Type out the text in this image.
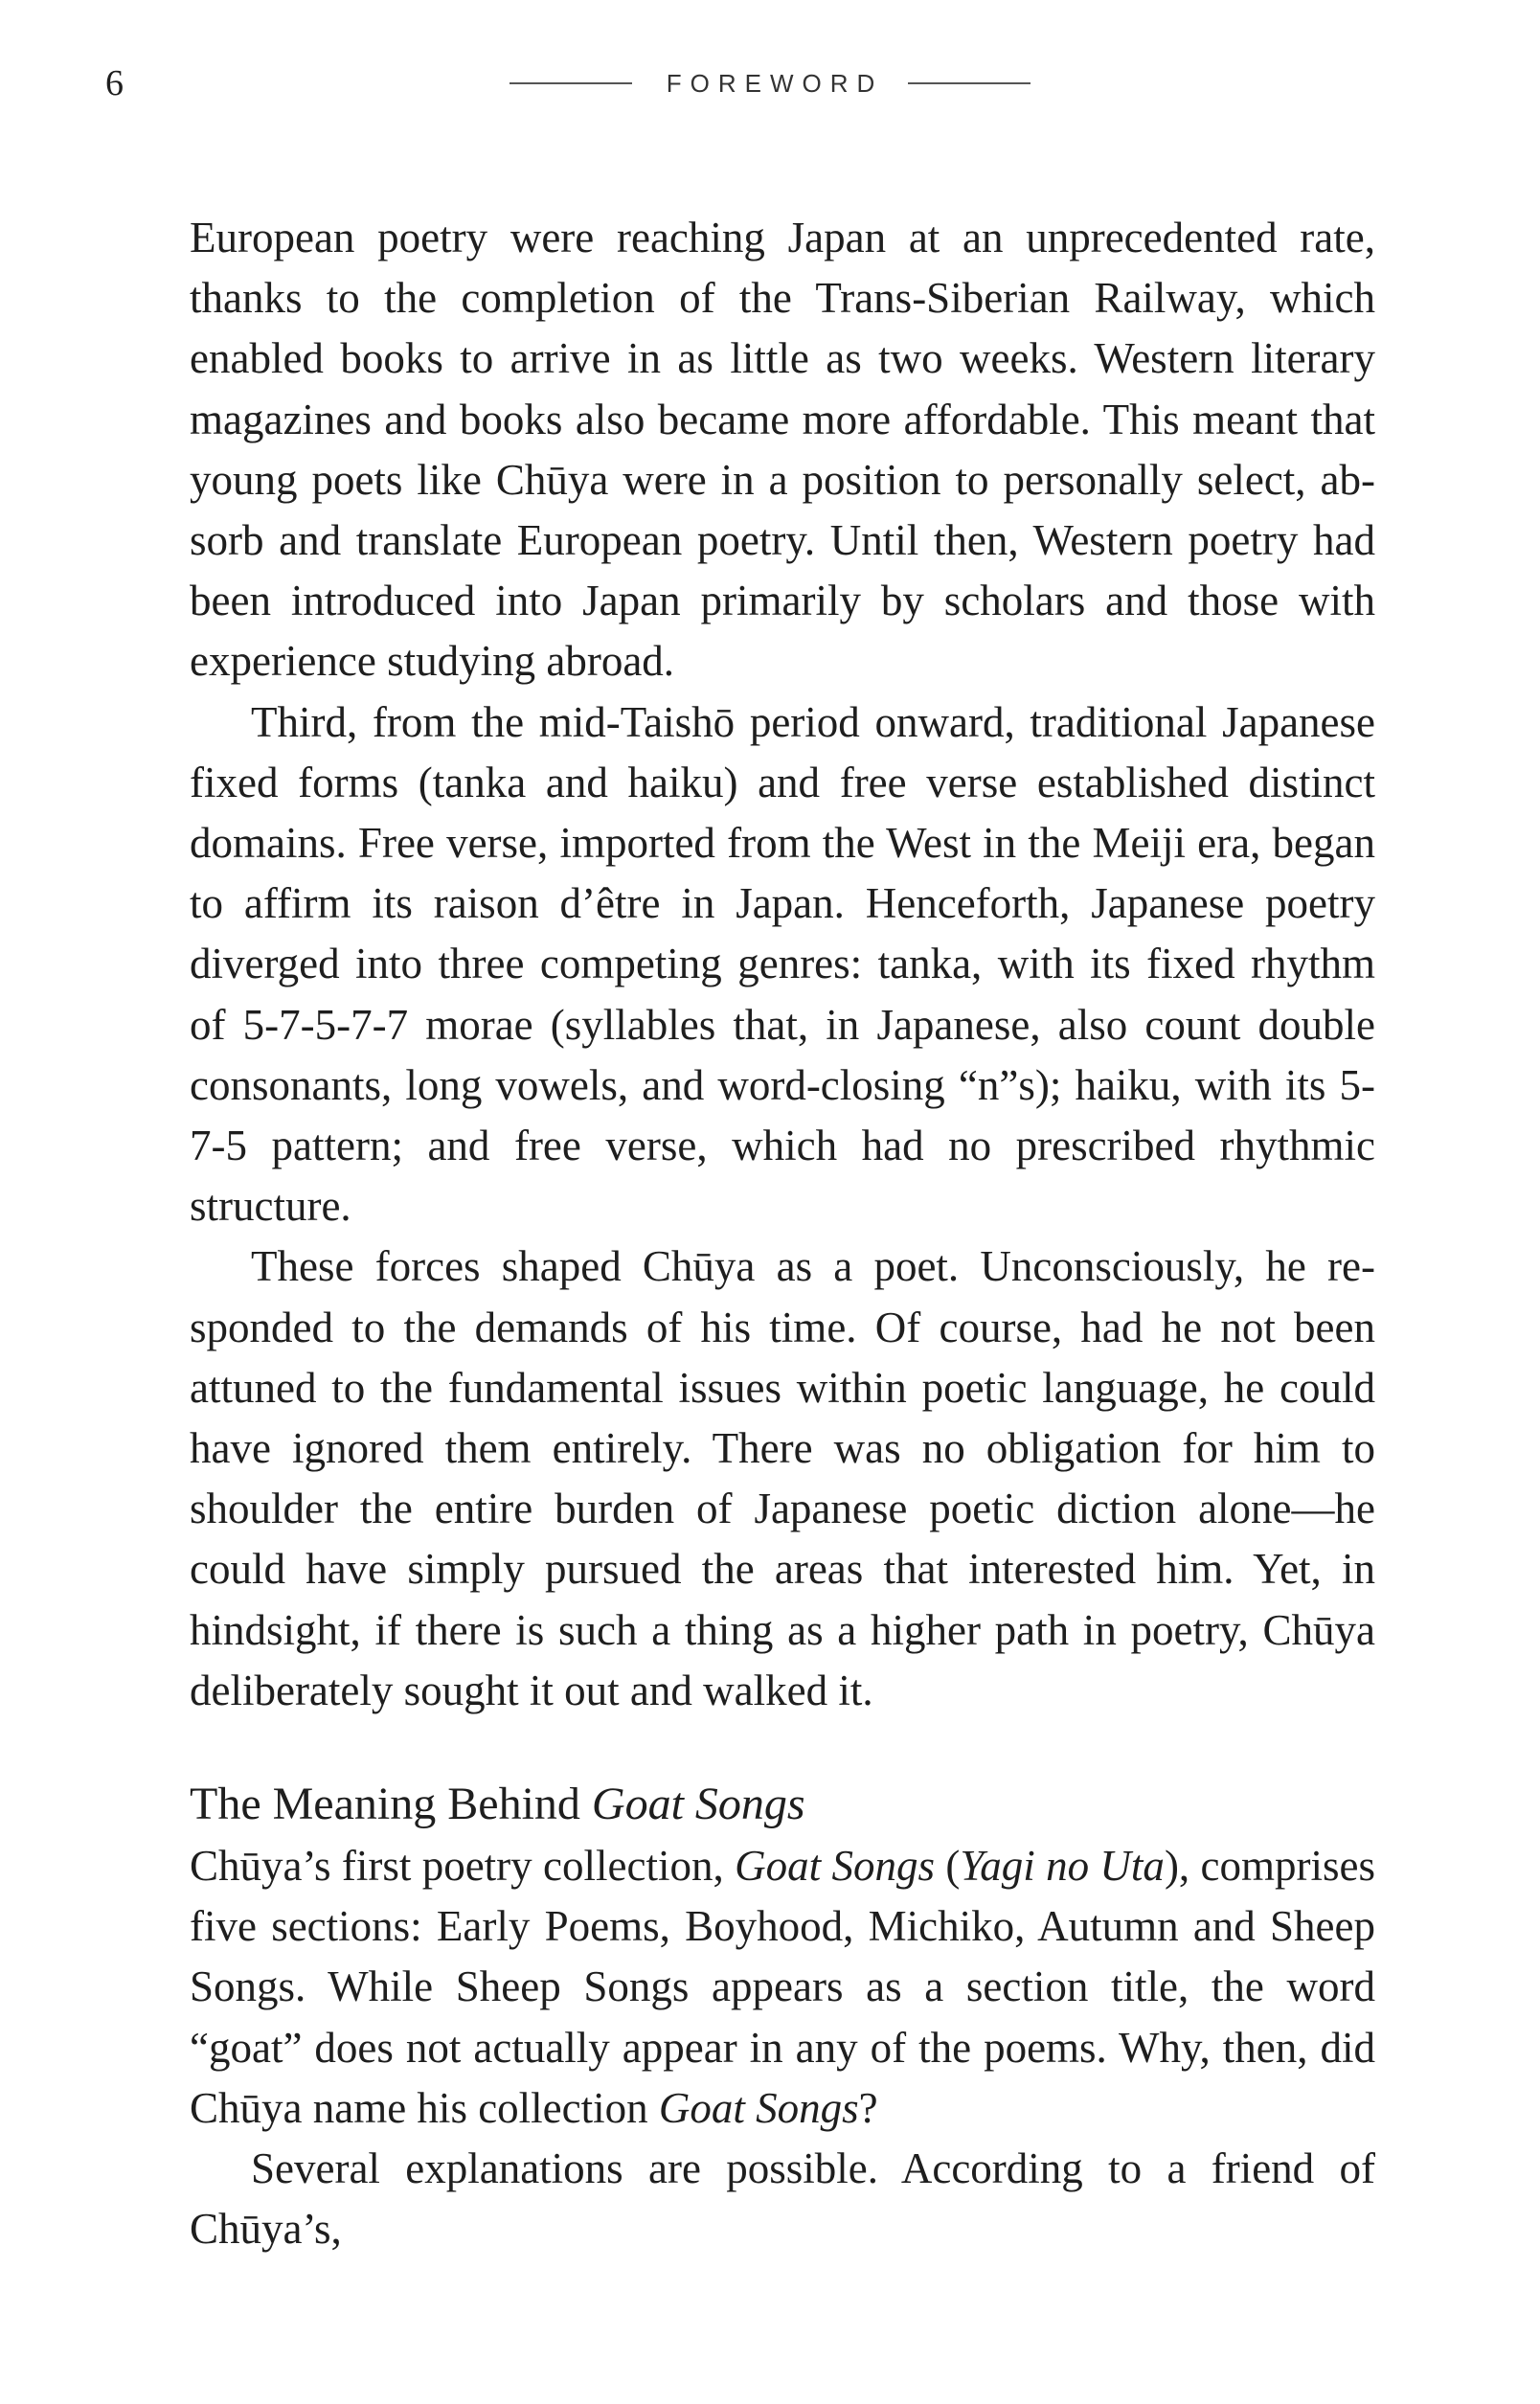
6	FOREWORD

European poetry were reaching Japan at an unprecedented rate, thanks to the completion of the Trans-Siberian Railway, which enabled books to arrive in as little as two weeks. Western literary magazines and books also became more affordable. This meant that young poets like Chūya were in a position to personally select, absorb and translate European poetry. Until then, Western poetry had been introduced into Japan primarily by scholars and those with experience studying abroad.

Third, from the mid-Taishō period onward, traditional Japanese fixed forms (tanka and haiku) and free verse established distinct domains. Free verse, imported from the West in the Meiji era, began to affirm its raison d’être in Japan. Henceforth, Japanese poetry diverged into three competing genres: tanka, with its fixed rhythm of 5-7-5-7-7 morae (syllables that, in Japanese, also count double consonants, long vowels, and word-closing “n”s); haiku, with its 5-7-5 pattern; and free verse, which had no prescribed rhythmic structure.

These forces shaped Chūya as a poet. Unconsciously, he responded to the demands of his time. Of course, had he not been attuned to the fundamental issues within poetic language, he could have ignored them entirely. There was no obligation for him to shoulder the entire burden of Japanese poetic diction alone—he could have simply pursued the areas that interested him. Yet, in hindsight, if there is such a thing as a higher path in poetry, Chūya deliberately sought it out and walked it.

The Meaning Behind Goat Songs

Chūya’s first poetry collection, Goat Songs (Yagi no Uta), comprises five sections: Early Poems, Boyhood, Michiko, Autumn and Sheep Songs. While Sheep Songs appears as a section title, the word “goat” does not actually appear in any of the poems. Why, then, did Chūya name his collection Goat Songs?

Several explanations are possible. According to a friend of Chūya’s,
